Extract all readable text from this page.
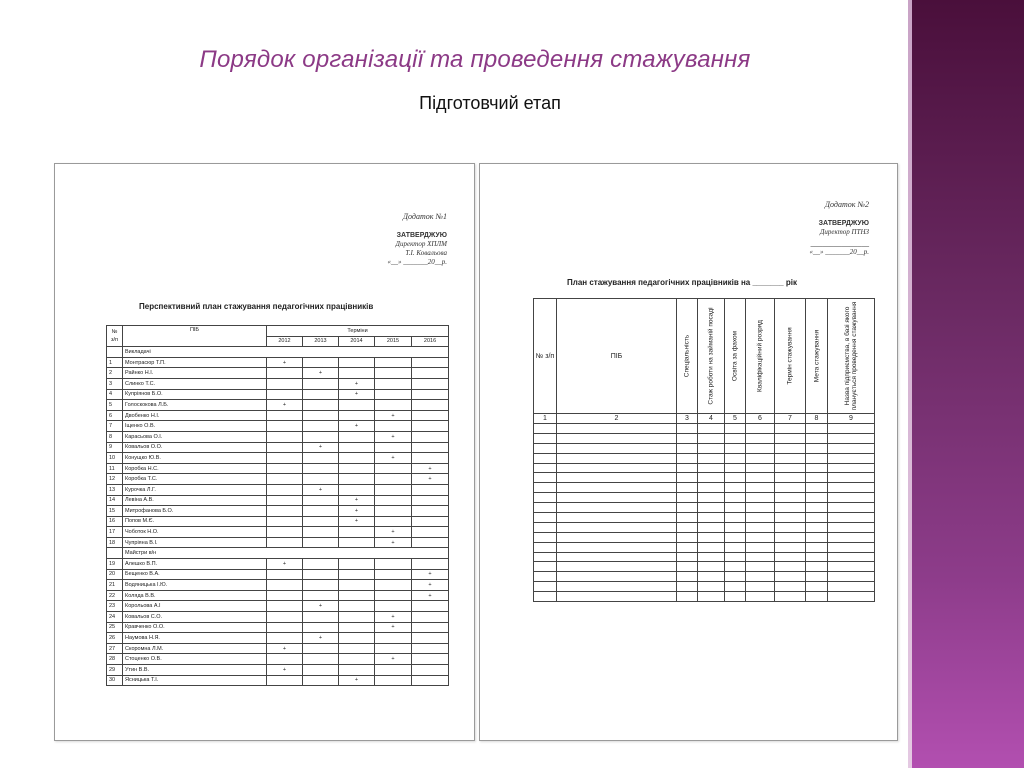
Порядок організації та проведення стажування
Підготовчий етап
Додаток №1
ЗАТВЕРДЖУЮ
Директор ХПЛМ
Т.І. Ковальова
«__» _______20__р.
Перспективний план стажування педагогічних працівників
№ з/п	ПІБ	Терміни				
		2012	2013	2014	2015	2016
	Викладачі					
1	Монтрасюр Т.П.	+				
2	Райнко Н.І.		+			
3	Слинко Т.С.			+		
4	Купріянов Б.О.			+		
5	Голоскокова Л.Б.	+				
6	Двобенко Н.І.				+	
7	Іщенко О.В.			+		
8	Карасьова О.І.				+	
9	Ковальов О.О.		+			
10	Конущко Ю.В.				+	
11	Коробка Н.С.					+
12	Коробка Т.С.					+
13	Курочка Л.Г.		+			
14	Левіна А.В.			+		
15	Митрофанова Б.О.			+		
16	Попов М.Є.			+		
17	Чоботок Н.О.				+	
18	Чупріяна В.І.				+	
	Майстри в/н					
19	Алешко В.П.	+				
20	Бещенко В.А.					+
21	Водяницька І.Ю.					+
22	Коляда В.В.					+
23	Корольова А.І		+			
24	Ковальов С.О.				+	
25	Кравченко О.О.				+	
26	Наумова Н.Я.		+			
27	Скоромна Л.М.	+				
28	Стоценко О.В.				+	
29	Утин В.В.	+				
30	Ясницька Т.І.			+		
Додаток №2
ЗАТВЕРДЖУЮ
Директор ПТНЗ
_______________
«__» _______20__р.
План стажування педагогічних працівників на _______ рік
№ з/п	ПІБ	Спеціальність	Стаж роботи на займаній посаді	Освіта за фахом	Кваліфікаційний розряд	Термін стажування	Мета стажування	Назва підприємства, в базі якого планується проведення стажування

1	2	3	4	5	6	7	8	9
